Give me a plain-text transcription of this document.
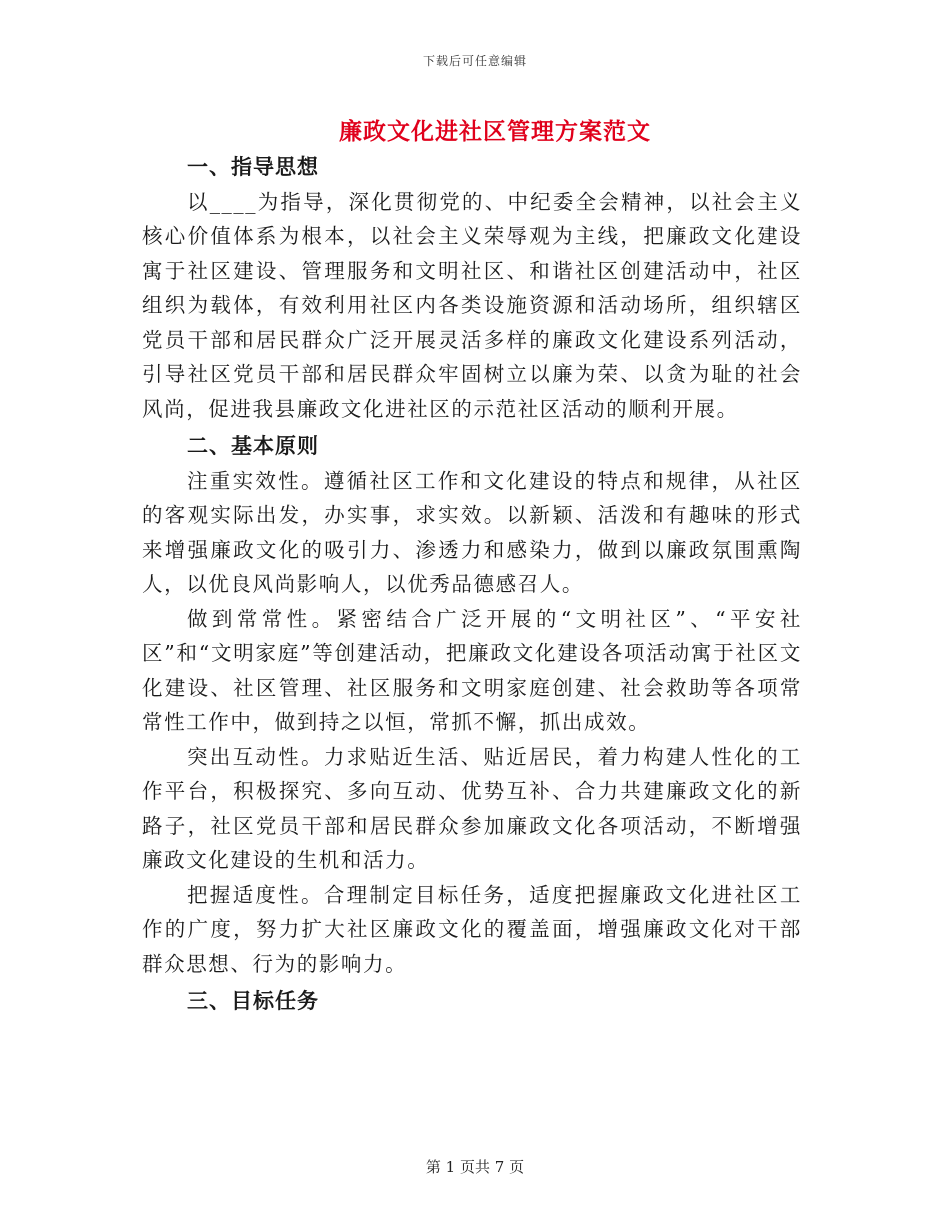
下载后可任意编辑
廉政文化进社区管理方案范文

一、指导思想

以____为指导，深化贯彻党的、中纪委全会精神，以社会主义核心价值体系为根本，以社会主义荣辱观为主线，把廉政文化建设寓于社区建设、管理服务和文明社区、和谐社区创建活动中，社区组织为载体，有效利用社区内各类设施资源和活动场所，组织辖区党员干部和居民群众广泛开展灵活多样的廉政文化建设系列活动，引导社区党员干部和居民群众牢固树立以廉为荣、以贪为耻的社会风尚，促进我县廉政文化进社区的示范社区活动的顺利开展。

二、基本原则

注重实效性。遵循社区工作和文化建设的特点和规律，从社区的客观实际出发，办实事，求实效。以新颖、活泼和有趣味的形式来增强廉政文化的吸引力、渗透力和感染力，做到以廉政氛围熏陶人，以优良风尚影响人，以优秀品德感召人。

做到常常性。紧密结合广泛开展的“文明社区”、“平安社区”和“文明家庭”等创建活动，把廉政文化建设各项活动寓于社区文化建设、社区管理、社区服务和文明家庭创建、社会救助等各项常常性工作中，做到持之以恒，常抓不懈，抓出成效。

突出互动性。力求贴近生活、贴近居民，着力构建人性化的工作平台，积极探究、多向互动、优势互补、合力共建廉政文化的新路子，社区党员干部和居民群众参加廉政文化各项活动，不断增强廉政文化建设的生机和活力。

把握适度性。合理制定目标任务，适度把握廉政文化进社区工作的广度，努力扩大社区廉政文化的覆盖面，增强廉政文化对干部群众思想、行为的影响力。

三、目标任务

第 1 页共 7 页
